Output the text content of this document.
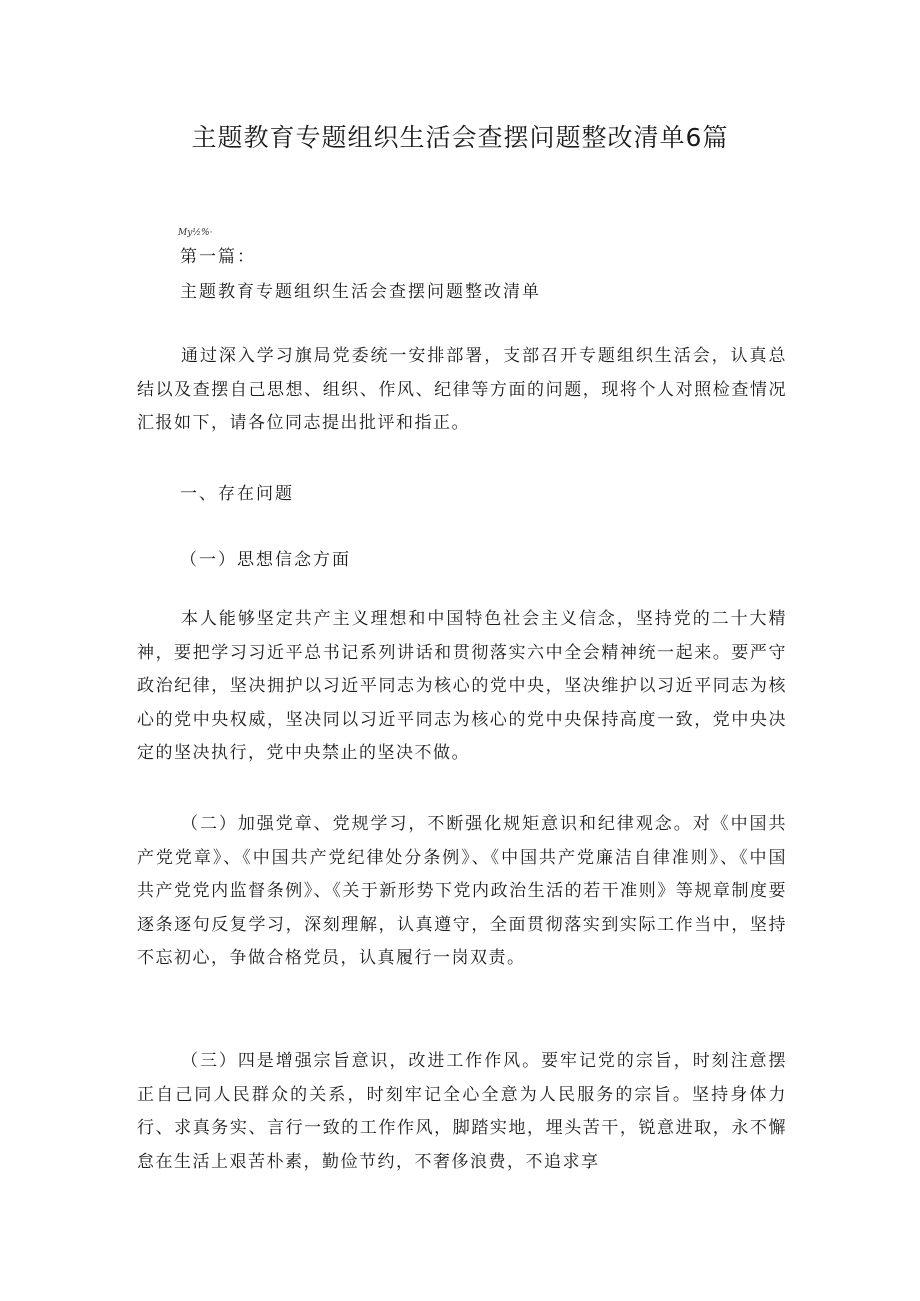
主题教育专题组织生活会查摆问题整改清单6篇
My½%·
第一篇：
主题教育专题组织生活会查摆问题整改清单

通过深入学习旗局党委统一安排部署，支部召开专题组织生活会，认真总结以及查摆自己思想、组织、作风、纪律等方面的问题，现将个人对照检查情况汇报如下，请各位同志提出批评和指正。

一、存在问题
（一）思想信念方面

本人能够坚定共产主义理想和中国特色社会主义信念，坚持党的二十大精神，要把学习习近平总书记系列讲话和贯彻落实六中全会精神统一起来。要严守政治纪律，坚决拥护以习近平同志为核心的党中央，坚决维护以习近平同志为核心的党中央权威，坚决同以习近平同志为核心的党中央保持高度一致，党中央决定的坚决执行，党中央禁止的坚决不做。

（二）加强党章、党规学习，不断强化规矩意识和纪律观念。对《中国共产党党章》、《中国共产党纪律处分条例》、《中国共产党廉洁自律准则》、《中国共产党党内监督条例》、《关于新形势下党内政治生活的若干准则》等规章制度要逐条逐句反复学习，深刻理解，认真遵守，全面贯彻落实到实际工作当中，坚持不忘初心，争做合格党员，认真履行一岗双责。

（三）四是增强宗旨意识，改进工作作风。要牢记党的宗旨，时刻注意摆正自己同人民群众的关系，时刻牢记全心全意为人民服务的宗旨。坚持身体力行、求真务实、言行一致的工作作风，脚踏实地，埋头苦干，锐意进取，永不懈怠在生活上艰苦朴素，勤俭节约，不奢侈浪费，不追求享
